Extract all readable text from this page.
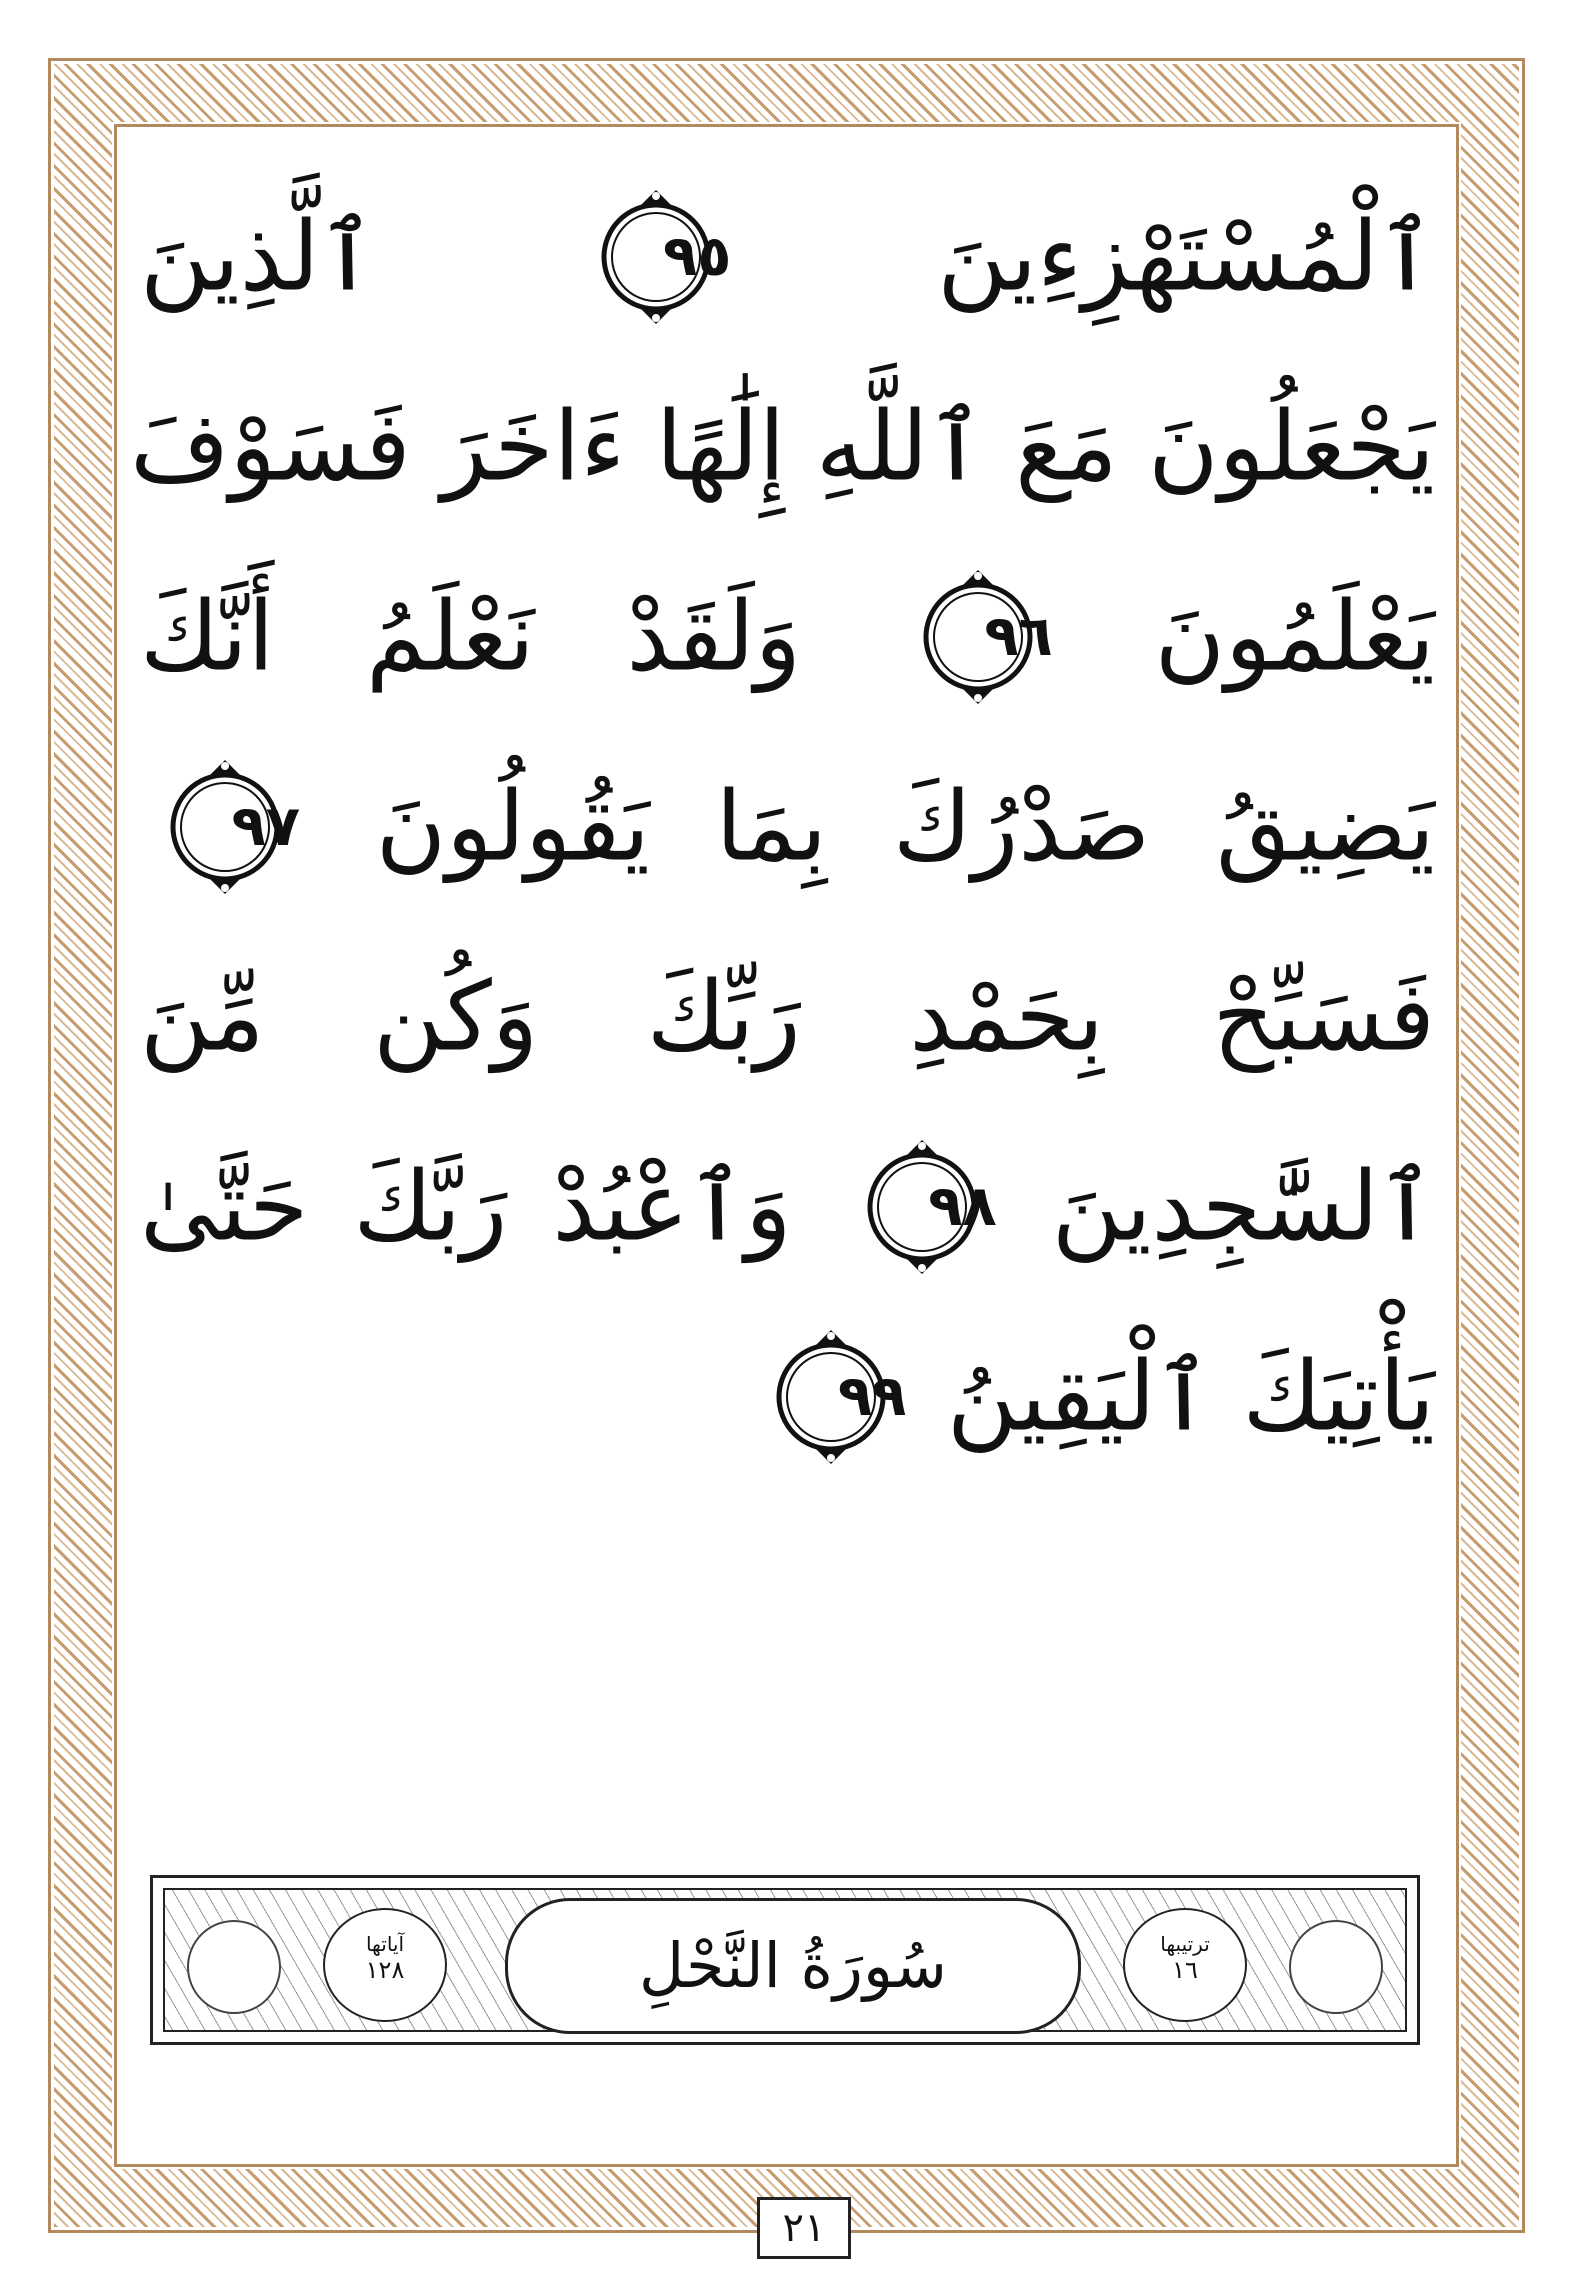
ٱلْمُسْتَهْزِءِينَ
٩٥
ٱلَّذِينَ
يَجْعَلُونَ مَعَ ٱللَّهِ إِلَٰهًا ءَاخَرَ فَسَوْفَ
يَعْلَمُونَ
٩٦
وَلَقَدْ نَعْلَمُ أَنَّكَ
يَضِيقُ صَدْرُكَ بِمَا يَقُولُونَ
٩٧
فَسَبِّحْ بِحَمْدِ رَبِّكَ وَكُن مِّنَ
ٱلسَّٰجِدِينَ
٩٨
وَٱعْبُدْ رَبَّكَ حَتَّىٰ
يَأْتِيَكَ ٱلْيَقِينُ
٩٩
آياتها
١٢٨	سُورَةُ النَّحْلِ	ترتيبها
١٦
٢١
